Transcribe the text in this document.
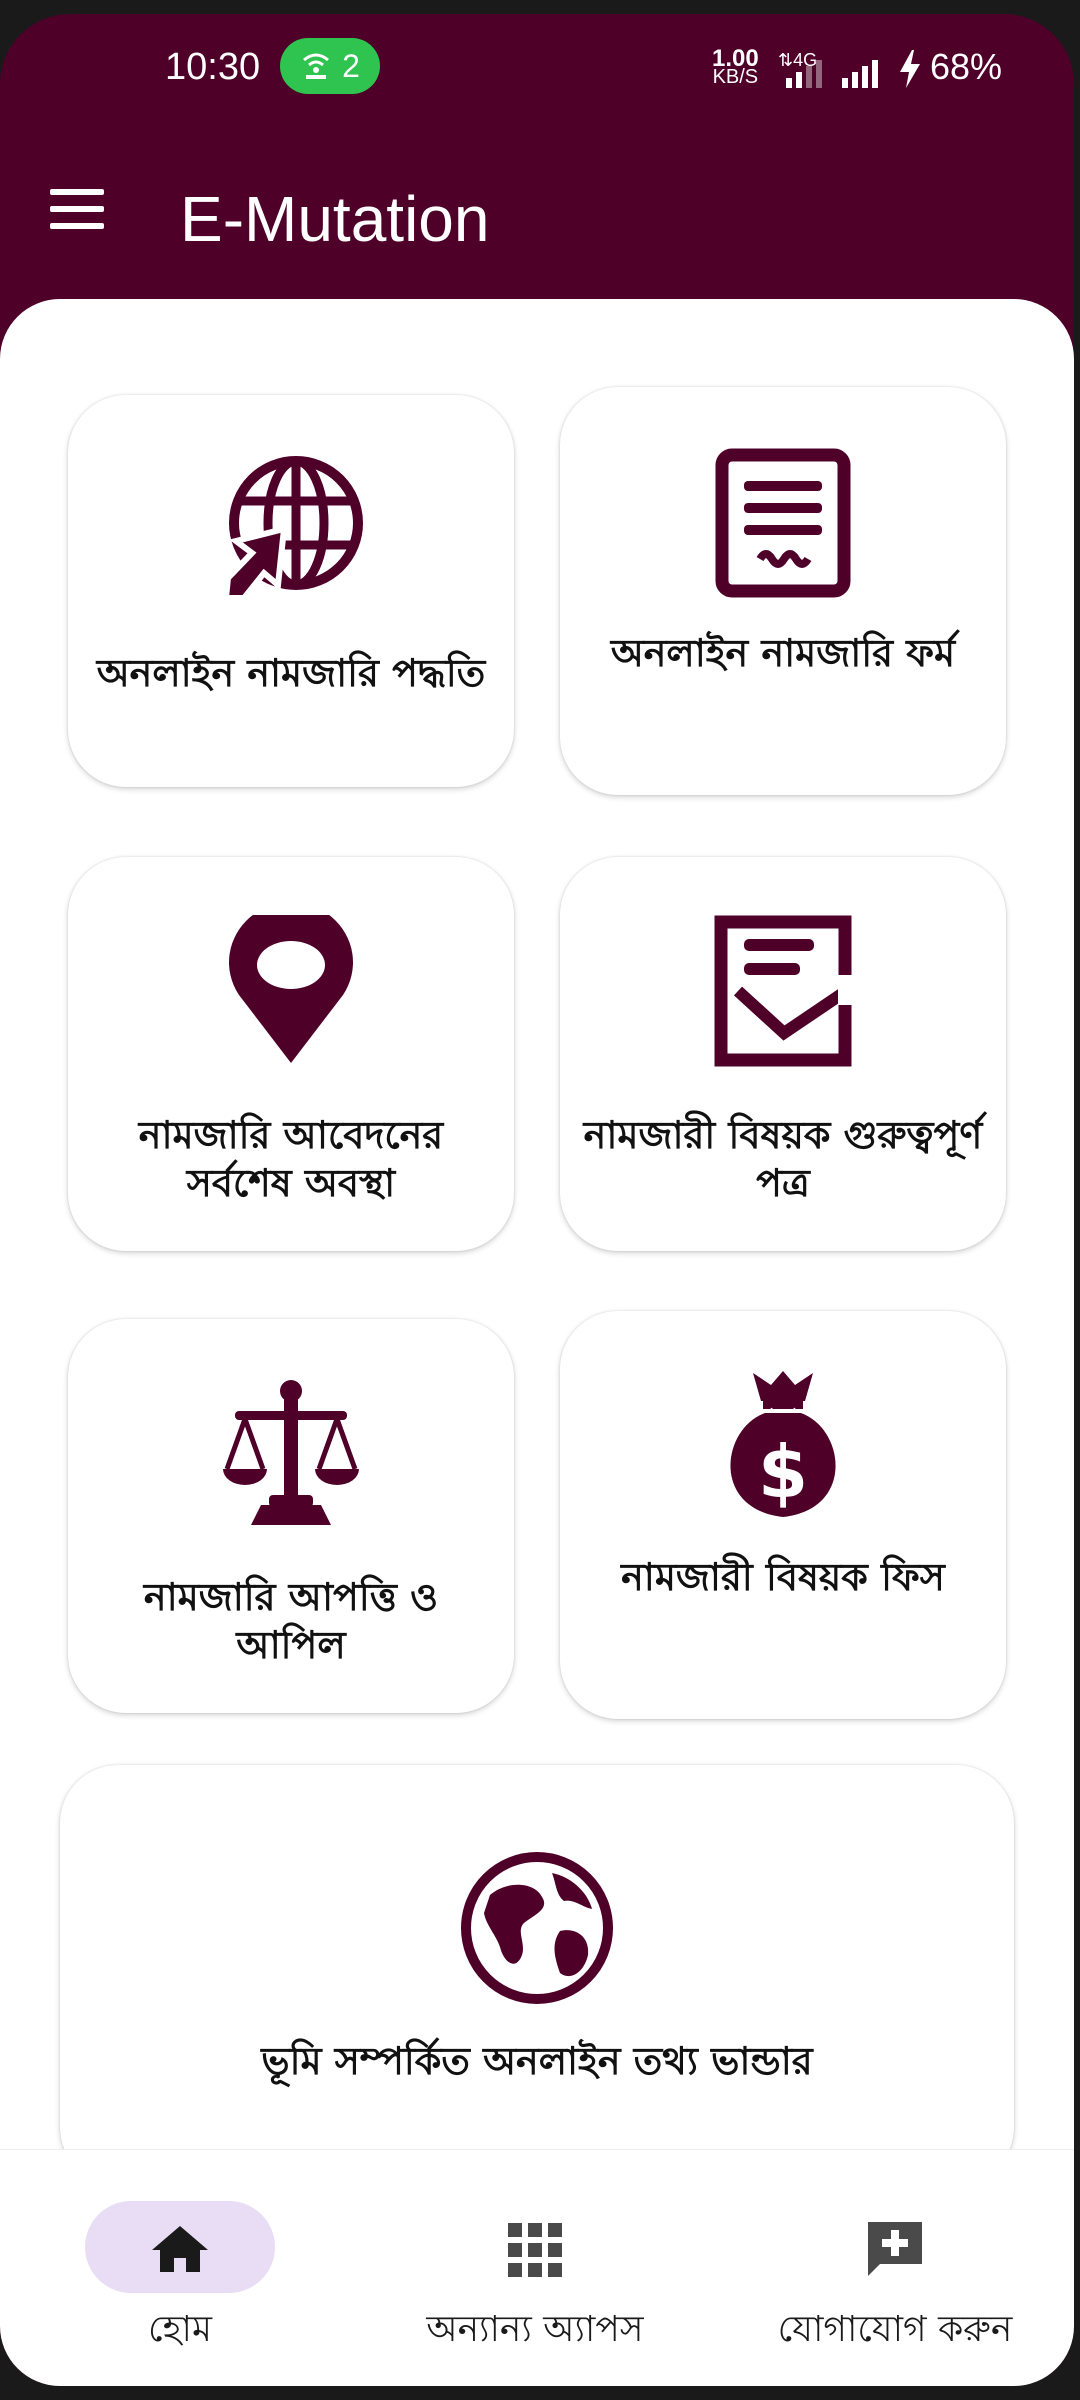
10:30	2	1.00
KB/S
⇅4G	68%
E-Mutation
অনলাইন নামজারি পদ্ধতি	অনলাইন নামজারি ফর্ম
নামজারি আবেদনের সর্বশেষ অবস্থা
নামজারী বিষয়ক গুরুত্বপূর্ণ পত্র
নামজারি আপত্তি ও আপিল
$
নামজারী বিষয়ক ফিস
ভূমি সম্পর্কিত অনলাইন তথ্য ভান্ডার
হোম	অন্যান্য অ্যাপস	যোগাযোগ করুন
